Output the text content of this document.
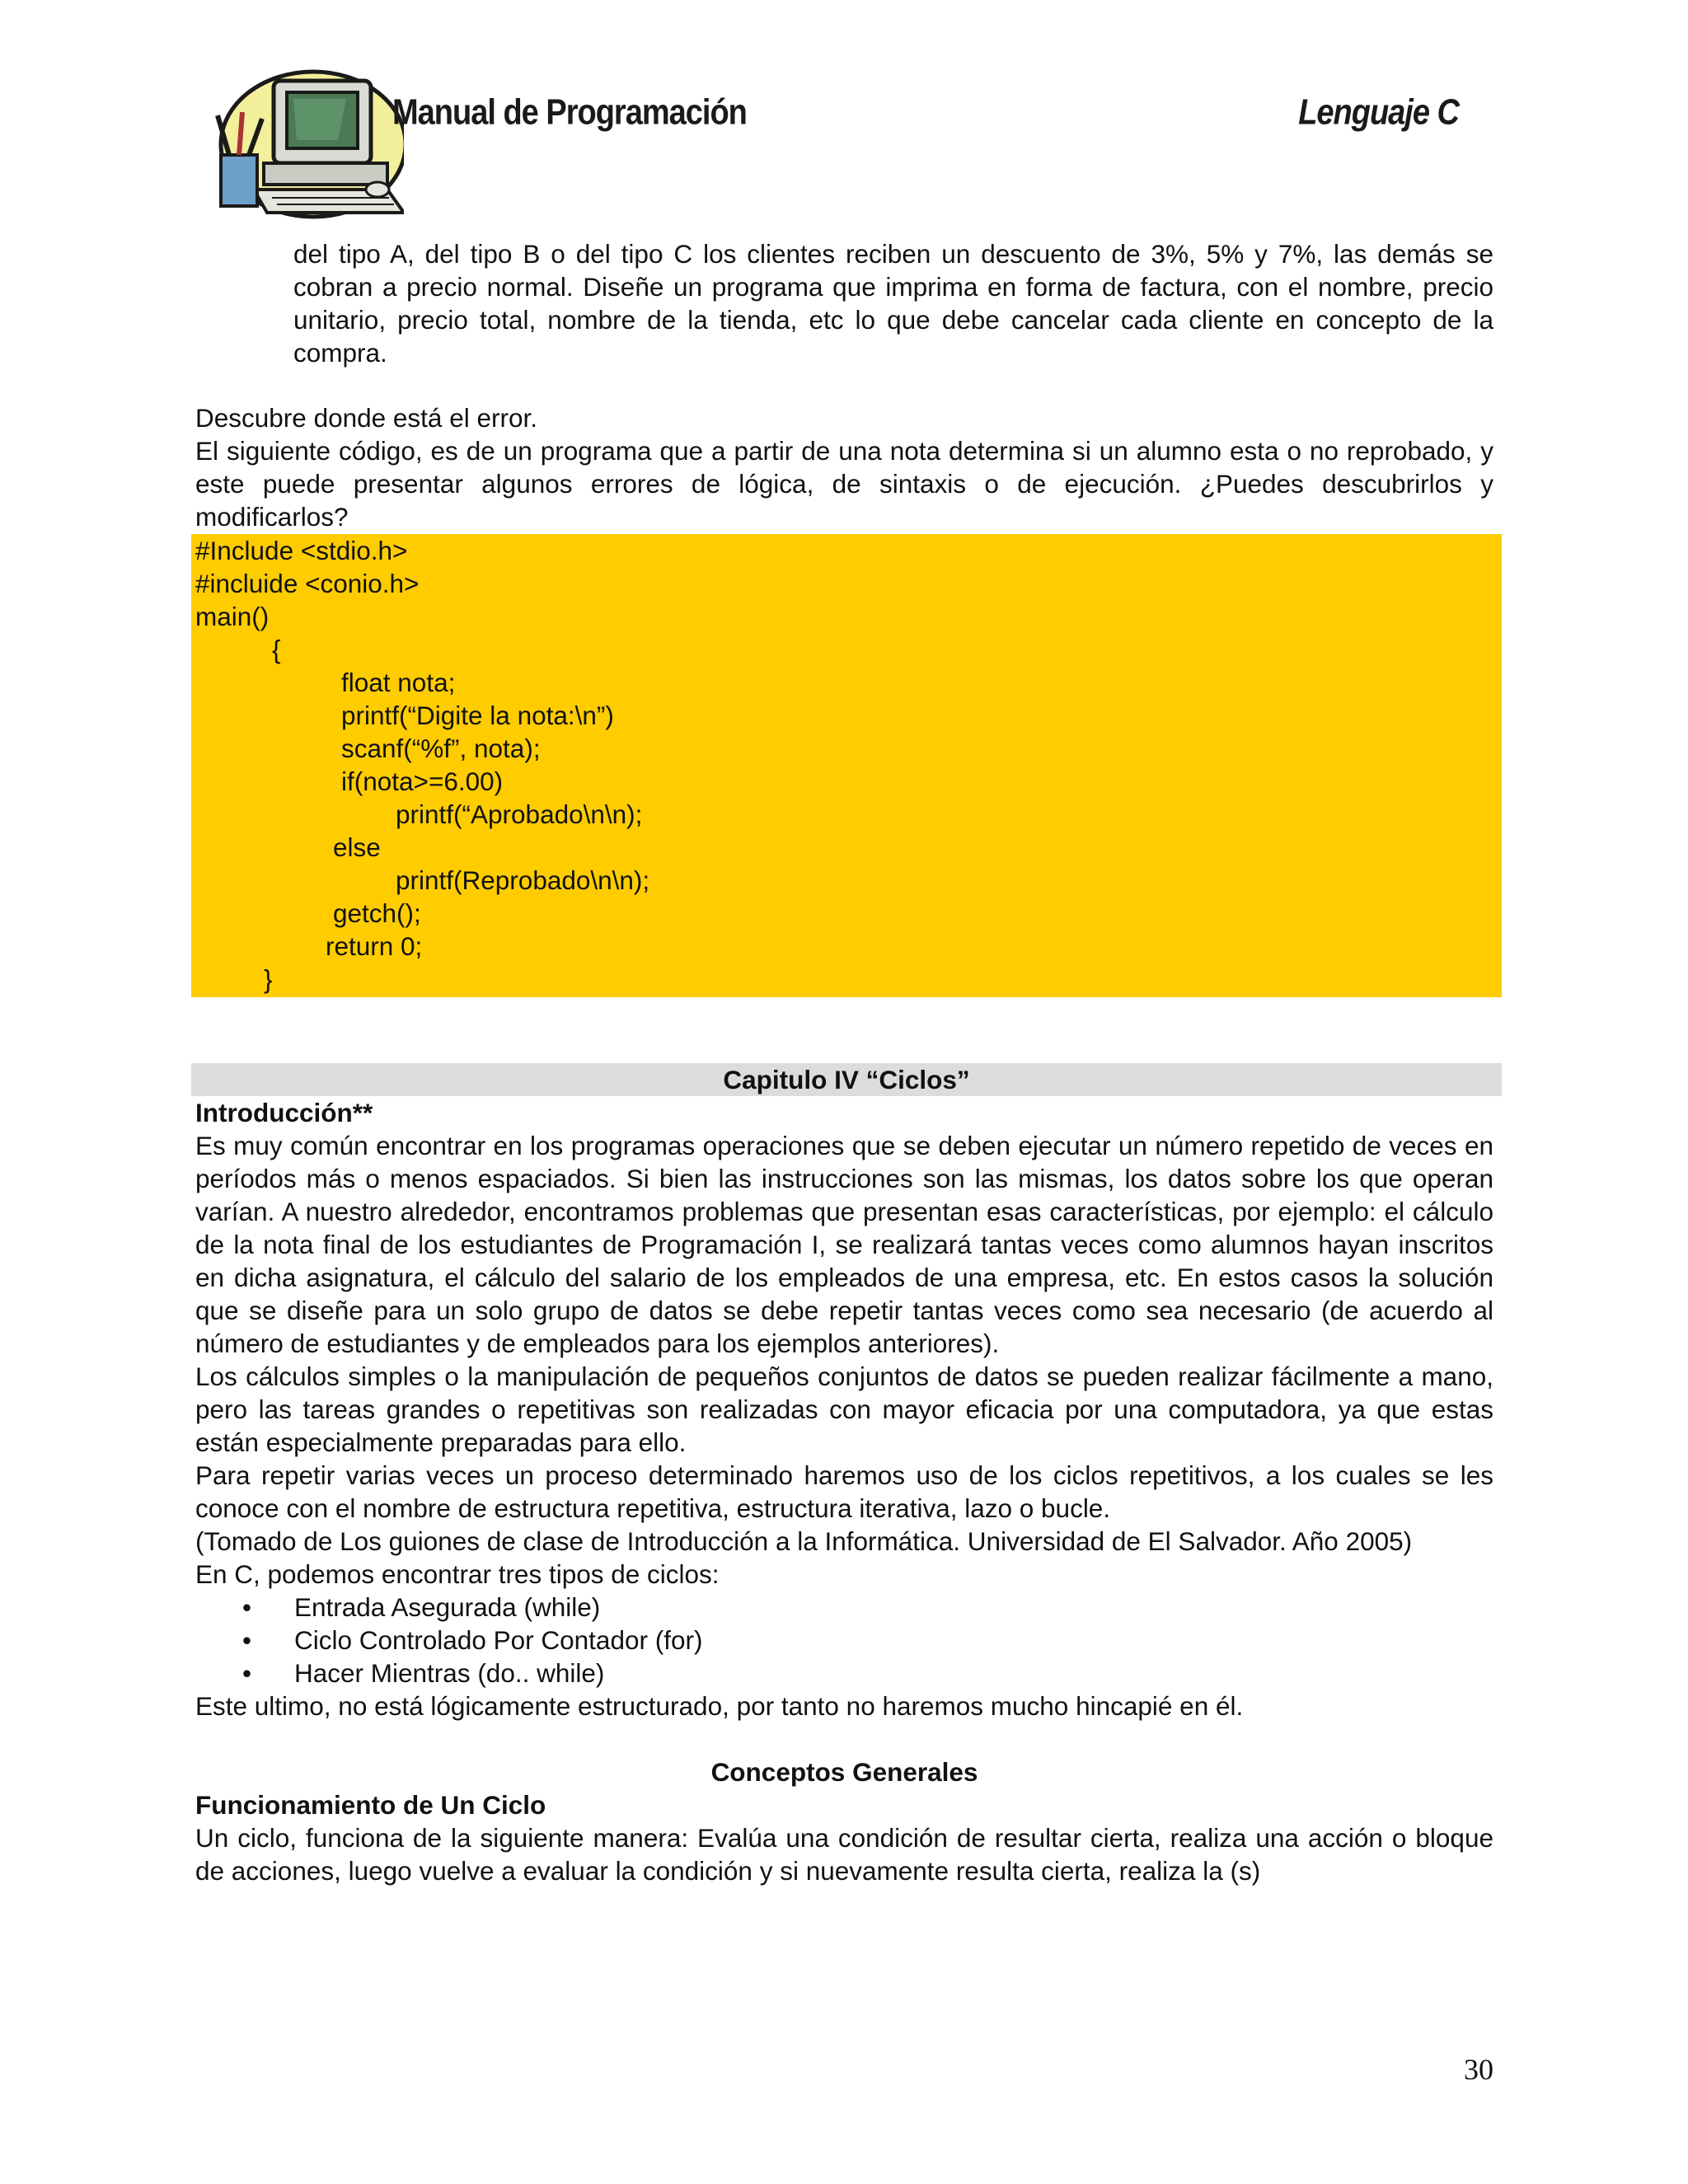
Manual de Programación	Lenguaje C
del tipo A, del tipo B o del tipo C los clientes reciben un descuento de 3%, 5% y 7%, las demás se cobran a precio normal. Diseñe un programa que imprima en forma de factura, con el nombre, precio unitario, precio total, nombre de la tienda, etc lo que debe cancelar cada cliente en concepto de la compra.
Descubre donde está el error.
El siguiente código, es de un programa que a partir de una nota determina si un alumno esta o no reprobado, y este puede presentar algunos errores de lógica, de sintaxis o de ejecución. ¿Puedes descubrirlos y modificarlos?
#Include <stdio.h>
#incluide <conio.h>
main()
{
float nota;
printf(“Digite la nota:\n”)
scanf(“%f”, nota);
if(nota>=6.00)
printf(“Aprobado\n\n);
else
printf(Reprobado\n\n);
getch();
return 0;
}
Capitulo IV “Ciclos”
Introducción**
Es muy común encontrar en los programas operaciones que se deben ejecutar un número repetido de veces en períodos más o menos espaciados. Si bien las instrucciones son las mismas, los datos sobre los que operan varían. A nuestro alrededor, encontramos problemas que presentan esas características, por ejemplo: el cálculo de la nota final de los estudiantes de Programación I, se realizará tantas veces como alumnos hayan inscritos en dicha asignatura, el cálculo del salario de los empleados de una empresa, etc. En estos casos la solución que se diseñe para un solo grupo de datos se debe repetir tantas veces como sea necesario (de acuerdo al número de estudiantes y de empleados para los ejemplos anteriores).
Los cálculos simples o la manipulación de pequeños conjuntos de datos se pueden realizar fácilmente a mano, pero las tareas grandes o repetitivas son realizadas con mayor eficacia por una computadora, ya que estas están especialmente preparadas para ello.
Para repetir varias veces un proceso determinado haremos uso de los ciclos repetitivos, a los cuales se les conoce con el nombre de estructura repetitiva, estructura iterativa, lazo o bucle.
(Tomado de Los guiones de clase de Introducción a la Informática. Universidad de El Salvador. Año 2005)
En C, podemos encontrar tres tipos de ciclos:
• Entrada Asegurada (while)
• Ciclo Controlado Por Contador (for)
• Hacer Mientras (do.. while)
Este ultimo, no está lógicamente estructurado, por tanto no haremos mucho hincapié en él.
Conceptos Generales
Funcionamiento de Un Ciclo
Un ciclo, funciona de la siguiente manera: Evalúa una condición de resultar cierta, realiza una acción o bloque de acciones, luego vuelve a evaluar la condición y si nuevamente resulta cierta, realiza la (s)
30
